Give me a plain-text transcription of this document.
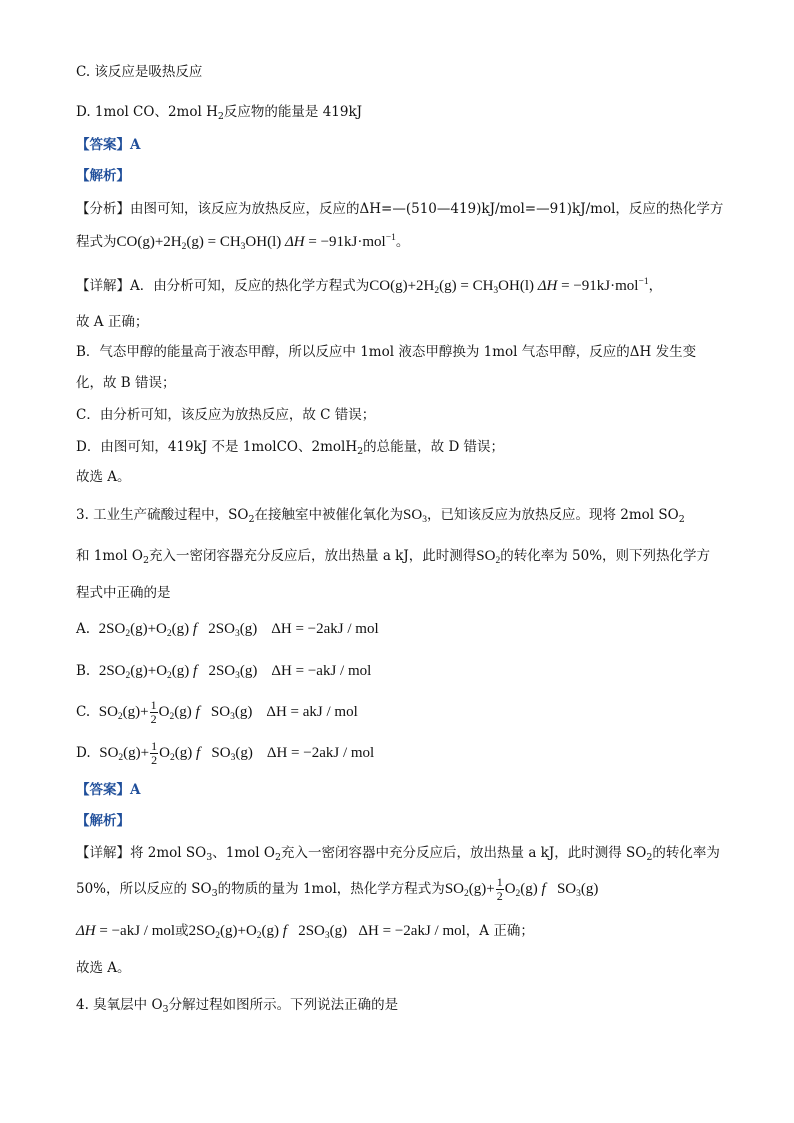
C. 该反应是吸热反应
D. 1mol CO、2mol $H_2$反应物的能量是 419kJ
【答案】A
【解析】
【分析】由图可知，该反应为放热反应，反应的ΔH=—(510—419)kJ/mol=—91)kJ/mol，反应的热化学方
程式为$CO(g)+2H_2(g) = CH_3OH(l) \Delta H = -91kJ\cdot mol^{-1}$。
【详解】A．由分析可知，反应的热化学方程式为$CO(g)+2H_2(g) = CH_3OH(l) \Delta H = -91kJ\cdot mol^{-1}$，
故 A 正确；
B．气态甲醇的能量高于液态甲醇，所以反应中 1mol 液态甲醇换为 1mol 气态甲醇，反应的ΔH 发生变
化，故 B 错误；
C．由分析可知，该反应为放热反应，故 C 错误；
D．由图可知，419kJ 不是 1molCO、2molH$_2$的总能量，故 D 错误；
故选 A。
3. 工业生产硫酸过程中，$SO_2$在接触室中被催化氧化为$SO_3$，已知该反应为放热反应。现将 2mol $SO_2$
和 1mol $O_2$充入一密闭容器充分反应后，放出热量 a kJ，此时测得$SO_2$的转化率为 50%，则下列热化学方
程式中正确的是
A. $2SO_2(g)+O_2(g)$ f   $2SO_3(g) \Delta H = -2akJ$ / mol
B. $2SO_2(g)+O_2(g)$ f   $2SO_3(g) \Delta H = -akJ$ / mol
C. $SO_2(g)+ \frac{1}{2} O_2(g)$ f   $SO_3(g) \Delta H$ = akJ / mol
D. $SO_2(g)+ \frac{1}{2} O_2(g)$ f   $SO_3(g) \Delta H = -2akJ$ / mol
【答案】A
【解析】
【详解】将 2mol $SO_3$、1mol $O_2$充入一密闭容器中充分反应后，放出热量 a kJ，此时测得 $SO_2$的转化率为
50%，所以反应的 $SO_3$的物质的量为 1mol，热化学方程式为$SO_2(g)+ \frac{1}{2} O_2(g)$ f   $SO_3(g)$
ΔH = −akJ / mol或$2SO_2(g)+O_2(g)$ f   $2SO_3(g) \Delta H = -2akJ$ / mol，A 正确；
故选 A。
4. 臭氧层中 $O_3$分解过程如图所示。下列说法正确的是
